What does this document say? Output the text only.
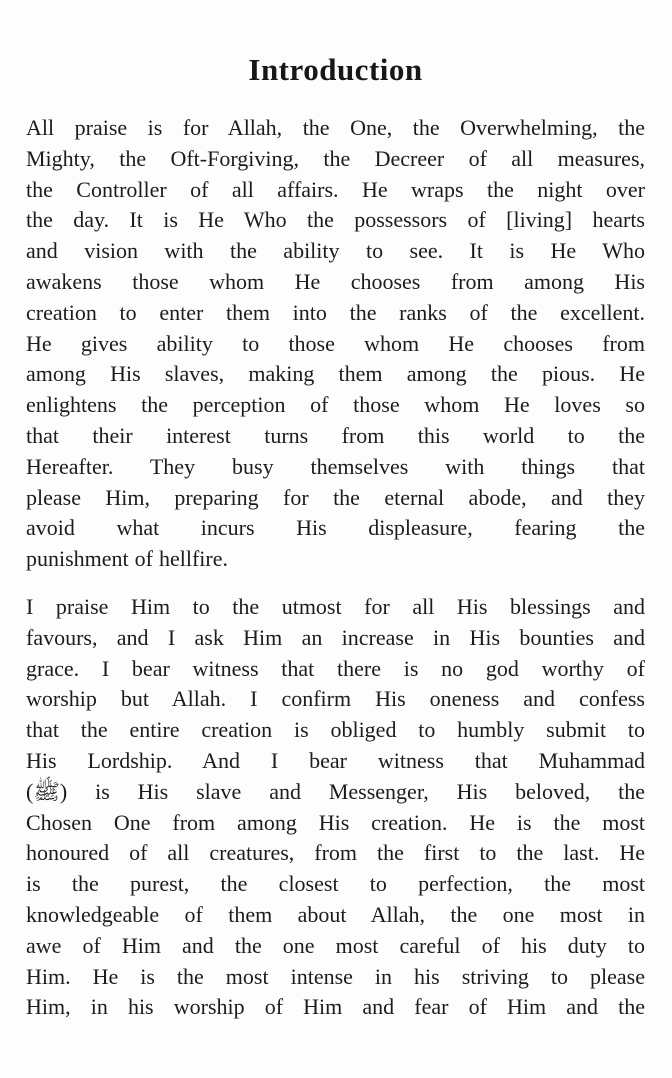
Introduction
All praise is for Allah, the One, the Overwhelming, the
Mighty, the Oft-Forgiving, the Decreer of all measures,
the Controller of all affairs. He wraps the night over
the day. It is He Who the possessors of [living] hearts
and vision with the ability to see. It is He Who
awakens those whom He chooses from among His
creation to enter them into the ranks of the excellent.
He gives ability to those whom He chooses from
among His slaves, making them among the pious. He
enlightens the perception of those whom He loves so
that their interest turns from this world to the
Hereafter. They busy themselves with things that
please Him, preparing for the eternal abode, and they
avoid what incurs His displeasure, fearing the
punishment of hellfire.
I praise Him to the utmost for all His blessings and
favours, and I ask Him an increase in His bounties and
grace. I bear witness that there is no god worthy of
worship but Allah. I confirm His oneness and confess
that the entire creation is obliged to humbly submit to
His Lordship. And I bear witness that Muhammad
(ﷺ) is His slave and Messenger, His beloved, the
Chosen One from among His creation. He is the most
honoured of all creatures, from the first to the last. He
is the purest, the closest to perfection, the most
knowledgeable of them about Allah, the one most in
awe of Him and the one most careful of his duty to
Him. He is the most intense in his striving to please
Him, in his worship of Him and fear of Him and the
